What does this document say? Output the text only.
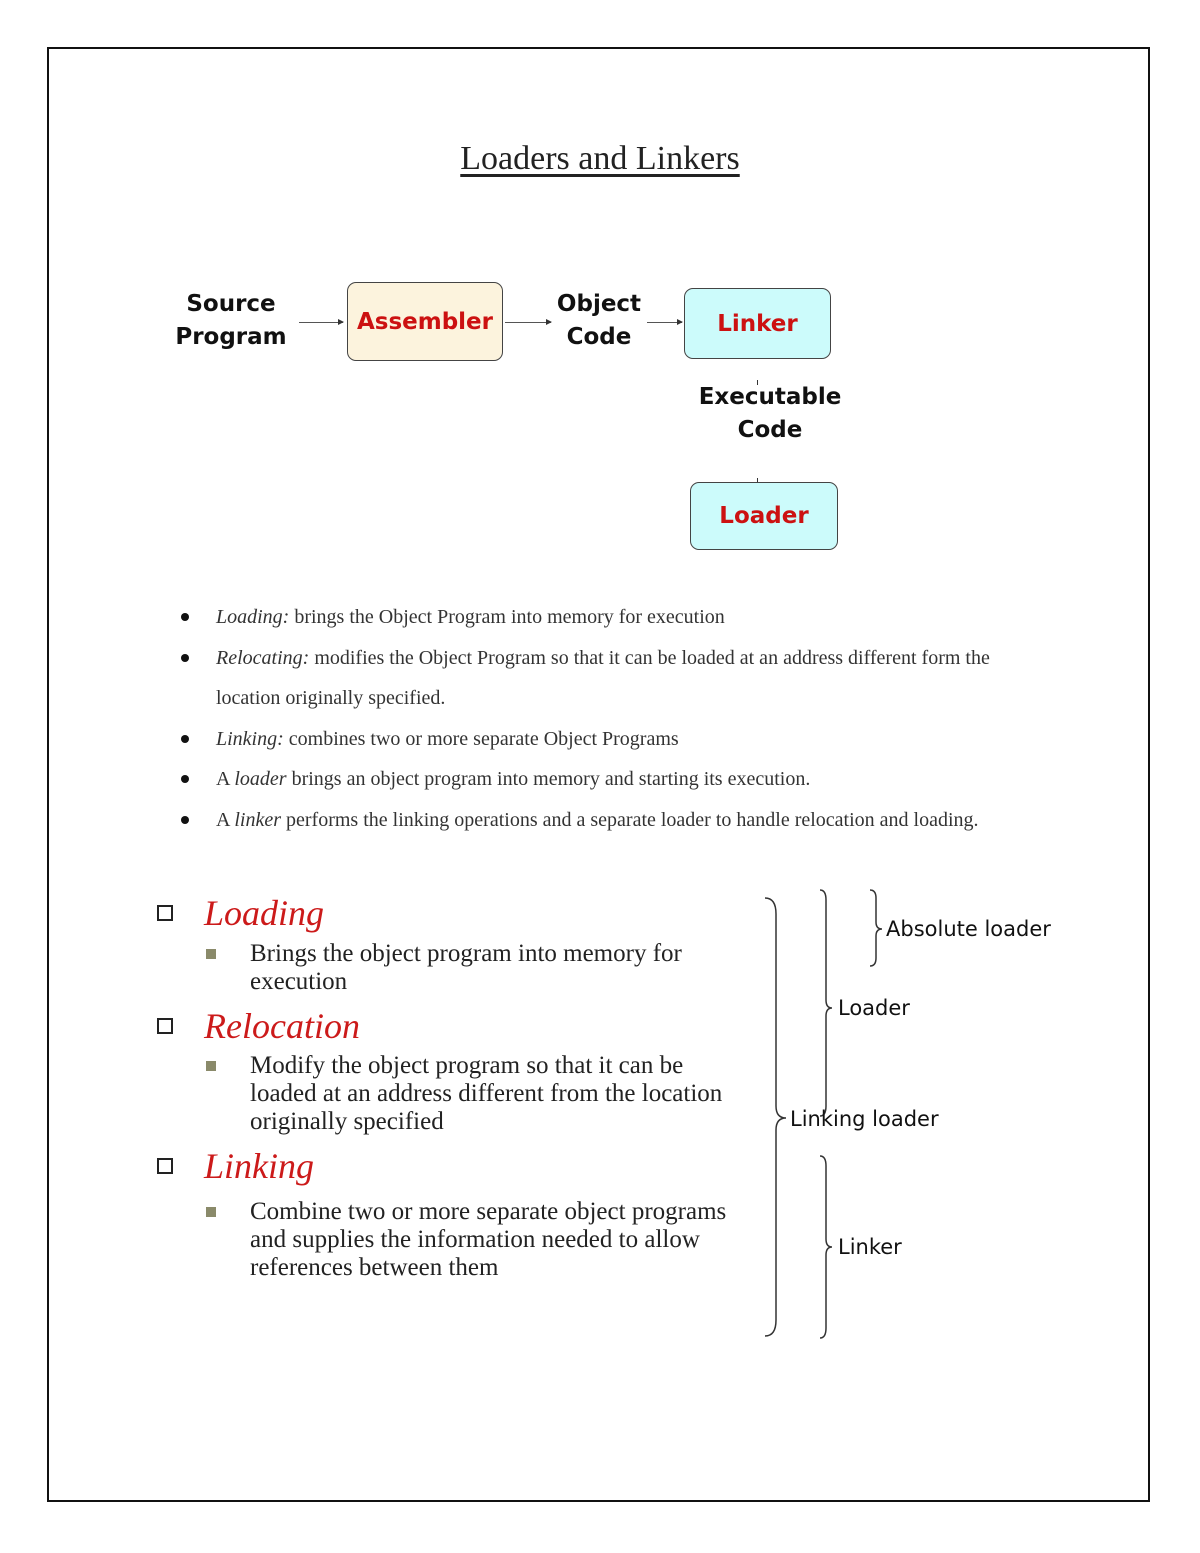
Loaders and Linkers
Source
Program
Assembler
Object
Code
Linker
Executable
Code
Loader
Loading: brings the Object Program into memory for execution
Relocating: modifies the Object Program so that it can be loaded at an address different form the location originally specified.
Linking: combines two or more separate Object Programs
A loader brings an object program into memory and starting its execution.
A linker performs the linking operations and a separate loader to handle relocation and loading.
Loading
Brings the object program into memory for execution
Relocation
Modify the object program so that it can be loaded at an address different from the location originally specified
Linking
Combine two or more separate object programs and supplies the information needed to allow references between them
Absolute loader
Loader
Linking loader
Linker
